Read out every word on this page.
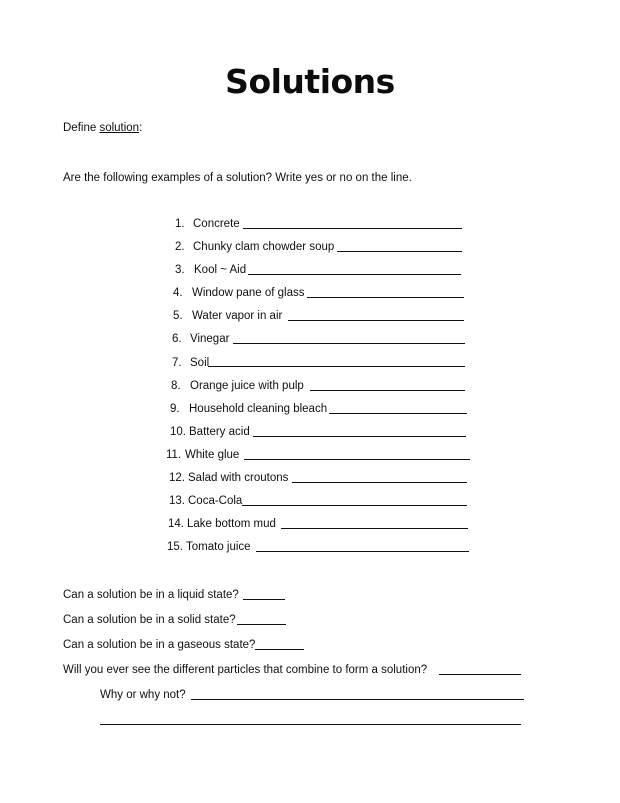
Solutions
Define solution:
Are the following examples of a solution? Write yes or no on the line.
1. Concrete
2. Chunky clam chowder soup
3. Kool ~ Aid
4. Window pane of glass
5. Water vapor in air
6. Vinegar
7. Soil
8. Orange juice with pulp
9. Household cleaning bleach
10. Battery acid
11. White glue
12. Salad with croutons
13. Coca-Cola
14. Lake bottom mud
15. Tomato juice
Can a solution be in a liquid state?
Can a solution be in a solid state?
Can a solution be in a gaseous state?
Will you ever see the different particles that combine to form a solution?
Why or why not?
